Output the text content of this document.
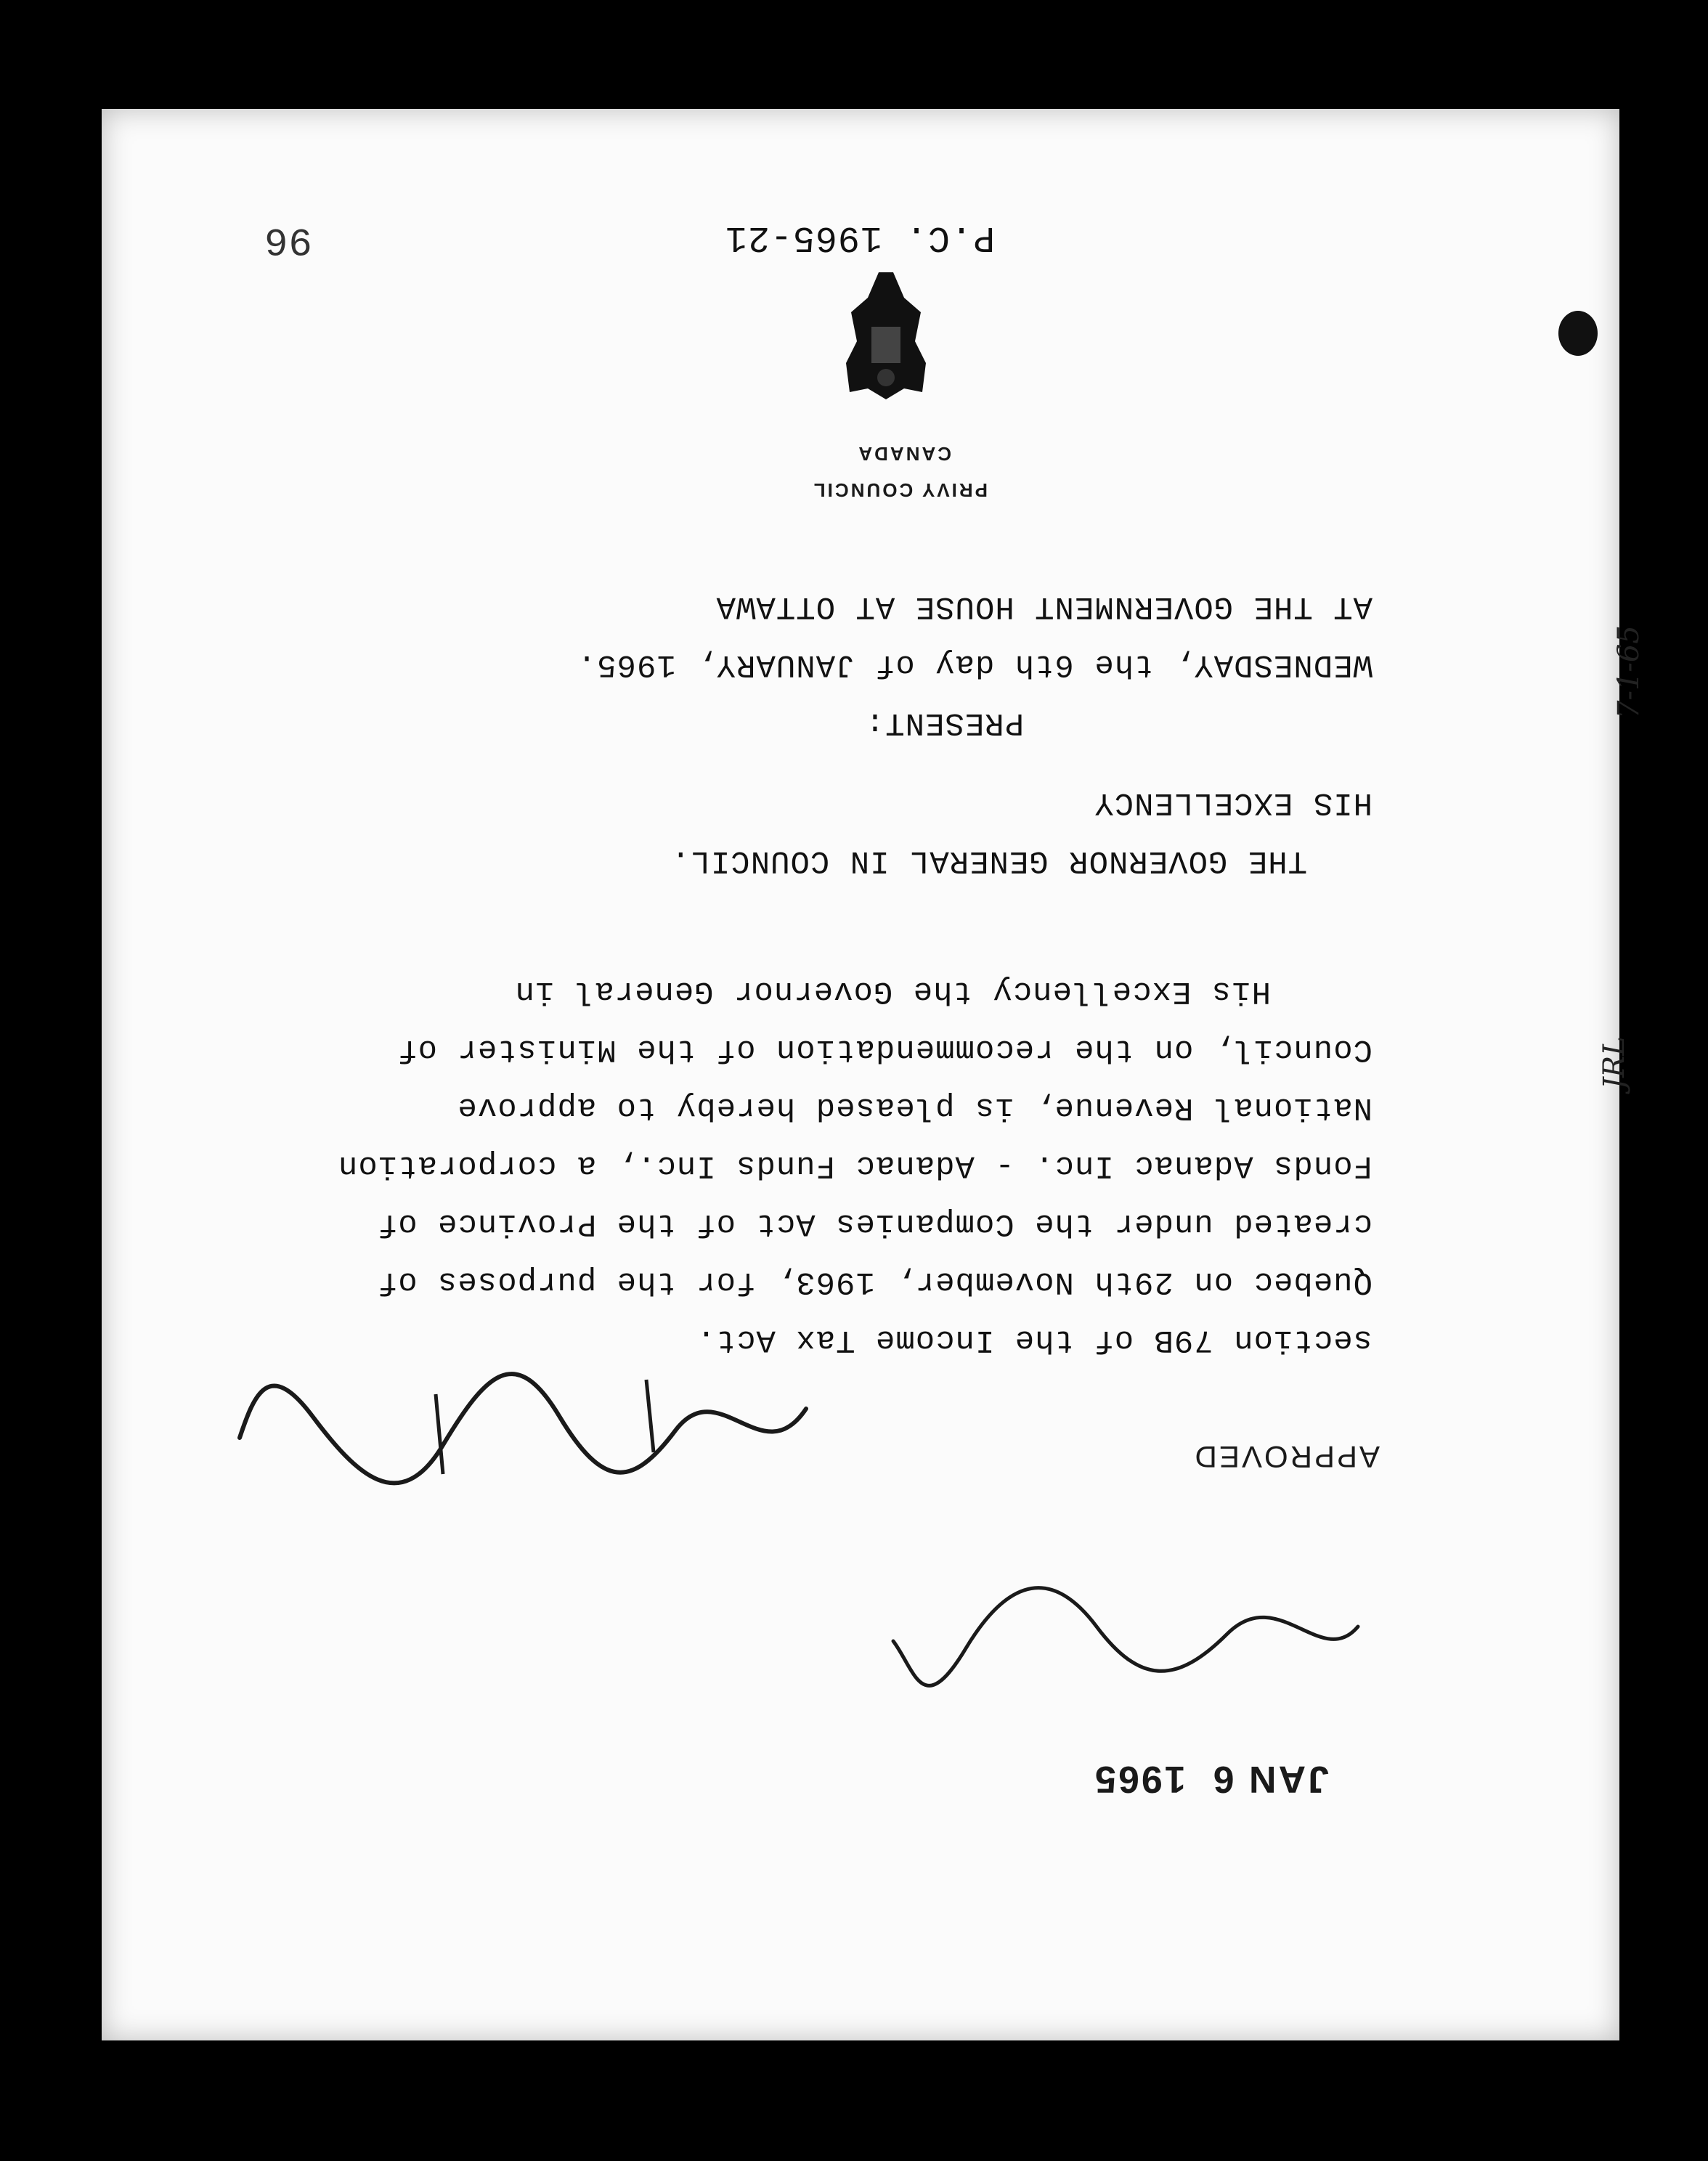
P.C. 1965-21
96
CANADA
PRIVY COUNCIL
AT THE GOVERNMENT HOUSE AT OTTAWA
WEDNESDAY, the 6th day of JANUARY, 1965.
PRESENT:
HIS EXCELLENCY
THE GOVERNOR GENERAL IN COUNCIL.
His Excellency the Governor General in
Council, on the recommendation of the Minister of
National Revenue, is pleased hereby to approve
Fonds Adanac Inc. - Adanac Funds Inc., a corporation
created under the Companies Act of the Province of
Quebec on 29th November, 1963, for the purposes of
section 79B of the Income Tax Act.
APPROVED
JAN 6  1965
7-1-65
JRL
